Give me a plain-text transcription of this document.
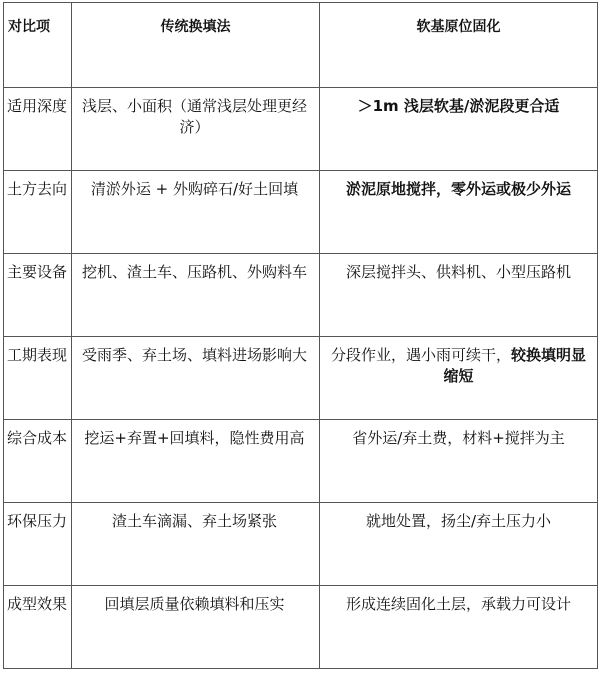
对比项	传统换填法	软基原位固化
适用深度	浅层、小面积（通常浅层处理更经济）	＞1m 浅层软基/淤泥段更合适
土方去向	清淤外运 + 外购碎石/好土回填	淤泥原地搅拌，零外运或极少外运
主要设备	挖机、渣土车、压路机、外购料车	深层搅拌头、供料机、小型压路机
工期表现	受雨季、弃土场、填料进场影响大	分段作业，遇小雨可续干，较换填明显缩短
综合成本	挖运+弃置+回填料，隐性费用高	省外运/弃土费，材料+搅拌为主
环保压力	渣土车滴漏、弃土场紧张	就地处置，扬尘/弃土压力小
成型效果	回填层质量依赖填料和压实	形成连续固化土层，承载力可设计
